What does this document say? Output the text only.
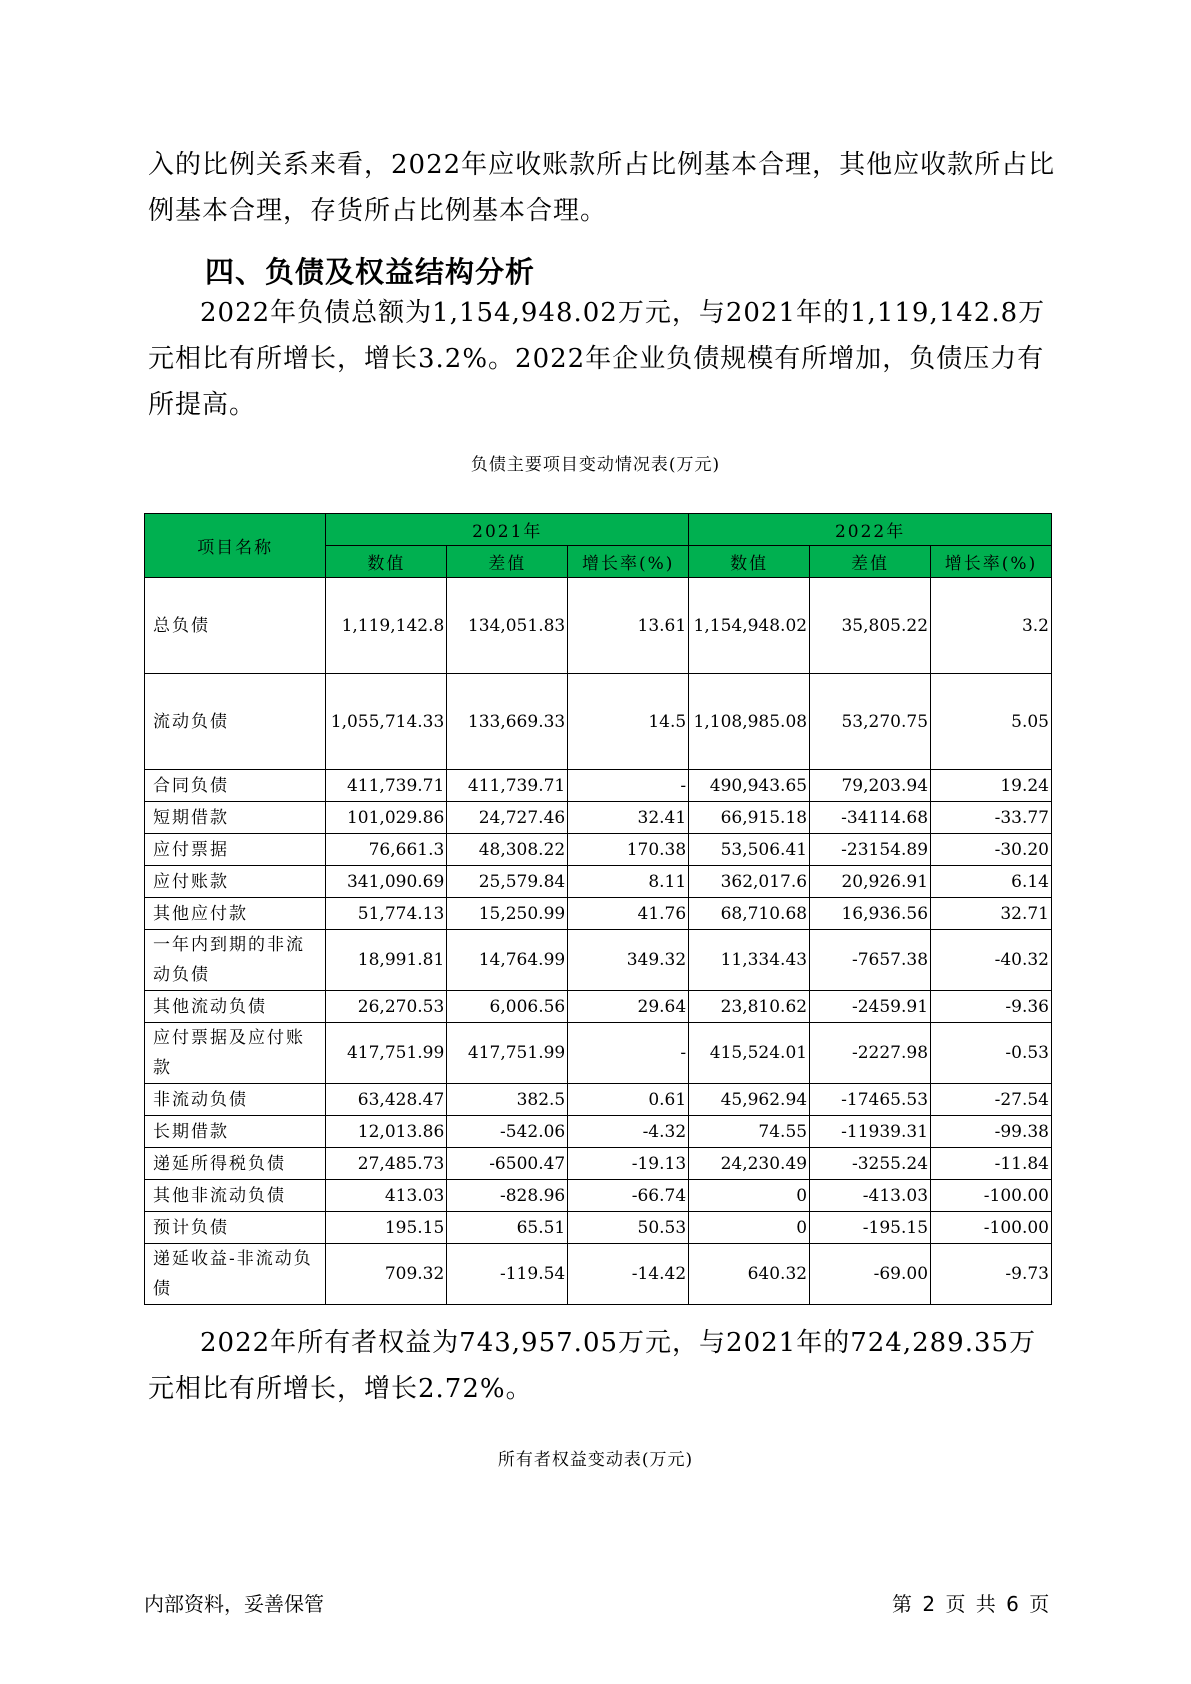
入的比例关系来看，2022年应收账款所占比例基本合理，其他应收款所占比例基本合理，存货所占比例基本合理。

四、负债及权益结构分析

2022年负债总额为1,154,948.02万元，与2021年的1,119,142.8万元相比有所增长，增长3.2%。2022年企业负债规模有所增加，负债压力有所提高。

负债主要项目变动情况表(万元)

项目名称	2021年			2022年		
	数值	差值	增长率(%)	数值	差值	增长率(%)
总负债	1,119,142.8	134,051.83	13.61	1,154,948.02	35,805.22	3.2
流动负债	1,055,714.33	133,669.33	14.5	1,108,985.08	53,270.75	5.05
合同负债	411,739.71	411,739.71	-	490,943.65	79,203.94	19.24
短期借款	101,029.86	24,727.46	32.41	66,915.18	-34114.68	-33.77
应付票据	76,661.3	48,308.22	170.38	53,506.41	-23154.89	-30.20
应付账款	341,090.69	25,579.84	8.11	362,017.6	20,926.91	6.14
其他应付款	51,774.13	15,250.99	41.76	68,710.68	16,936.56	32.71
一年内到期的非流动负债	18,991.81	14,764.99	349.32	11,334.43	-7657.38	-40.32
其他流动负债	26,270.53	6,006.56	29.64	23,810.62	-2459.91	-9.36
应付票据及应付账款	417,751.99	417,751.99	-	415,524.01	-2227.98	-0.53
非流动负债	63,428.47	382.5	0.61	45,962.94	-17465.53	-27.54
长期借款	12,013.86	-542.06	-4.32	74.55	-11939.31	-99.38
递延所得税负债	27,485.73	-6500.47	-19.13	24,230.49	-3255.24	-11.84
其他非流动负债	413.03	-828.96	-66.74	0	-413.03	-100.00
预计负债	195.15	65.51	50.53	0	-195.15	-100.00
递延收益-非流动负债	709.32	-119.54	-14.42	640.32	-69.00	-9.73

2022年所有者权益为743,957.05万元，与2021年的724,289.35万元相比有所增长，增长2.72%。

所有者权益变动表(万元)

内部资料，妥善保管	第 2 页 共 6 页
